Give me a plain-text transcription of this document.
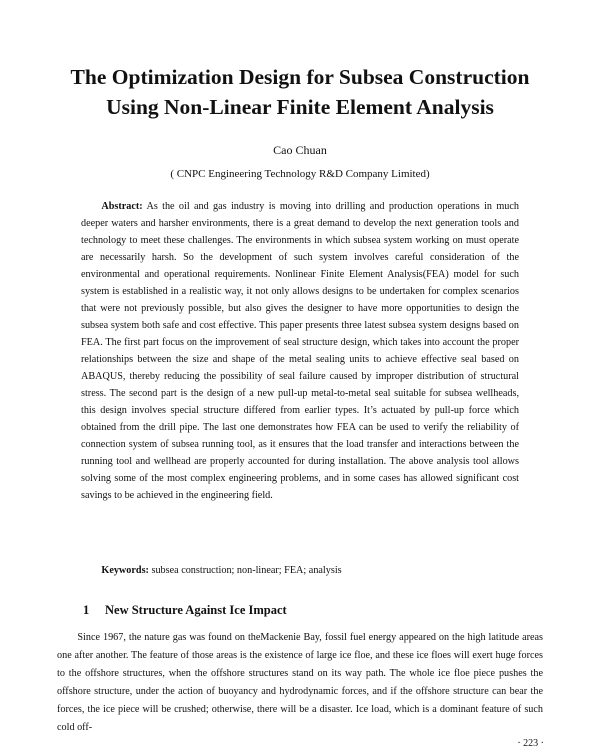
The Optimization Design for Subsea Construction
Using Non-Linear Finite Element Analysis
Cao Chuan
( CNPC Engineering Technology R&D Company Limited)

Abstract: As the oil and gas industry is moving into drilling and production operations in much deeper waters and harsher environments, there is a great demand to develop the next generation tools and technology to meet these challenges. The environments in which subsea system working on must operate are necessarily harsh. So the development of such system involves careful consideration of the environmental and operational requirements. Nonlinear Finite Element Analysis(FEA) model for such system is established in a realistic way, it not only allows designs to be undertaken for complex scenarios that were not previously possible, but also gives the designer to have more opportunities to design the subsea system both safe and cost effective. This paper presents three latest subsea system designs based on FEA. The first part focus on the improvement of seal structure design, which takes into account the proper relationships between the size and shape of the metal sealing units to achieve effective seal based on ABAQUS, thereby reducing the possibility of seal failure caused by improper distribution of structural stress. The second part is the design of a new pull-up metal-to-metal seal suitable for subsea wellheads, this design involves special structure differed from earlier types. It’s actuated by pull-up force which obtained from the drill pipe. The last one demonstrates how FEA can be used to verify the reliability of connection system of subsea running tool, as it ensures that the load transfer and interactions between the running tool and wellhead are properly accounted for during installation. The above analysis tool allows solving some of the most complex engineering problems, and in some cases has allowed significant cost savings to be achieved in the engineering field.

Keywords: subsea construction; non-linear; FEA; analysis

1 New Structure Against Ice Impact

Since 1967, the nature gas was found on theMackenie Bay, fossil fuel energy appeared on the high latitude areas one after another. The feature of those areas is the existence of large ice floe, and these ice floes will exert huge forces to the offshore structures, when the offshore structures stand on its way path. The whole ice floe piece pushes the offshore structure, under the action of buoyancy and hydrodynamic forces, and if the offshore structure can bear the forces, the ice piece will be crushed; otherwise, there will be a disaster. Ice load, which is a dominant feature of such cold off-

· 223 ·
